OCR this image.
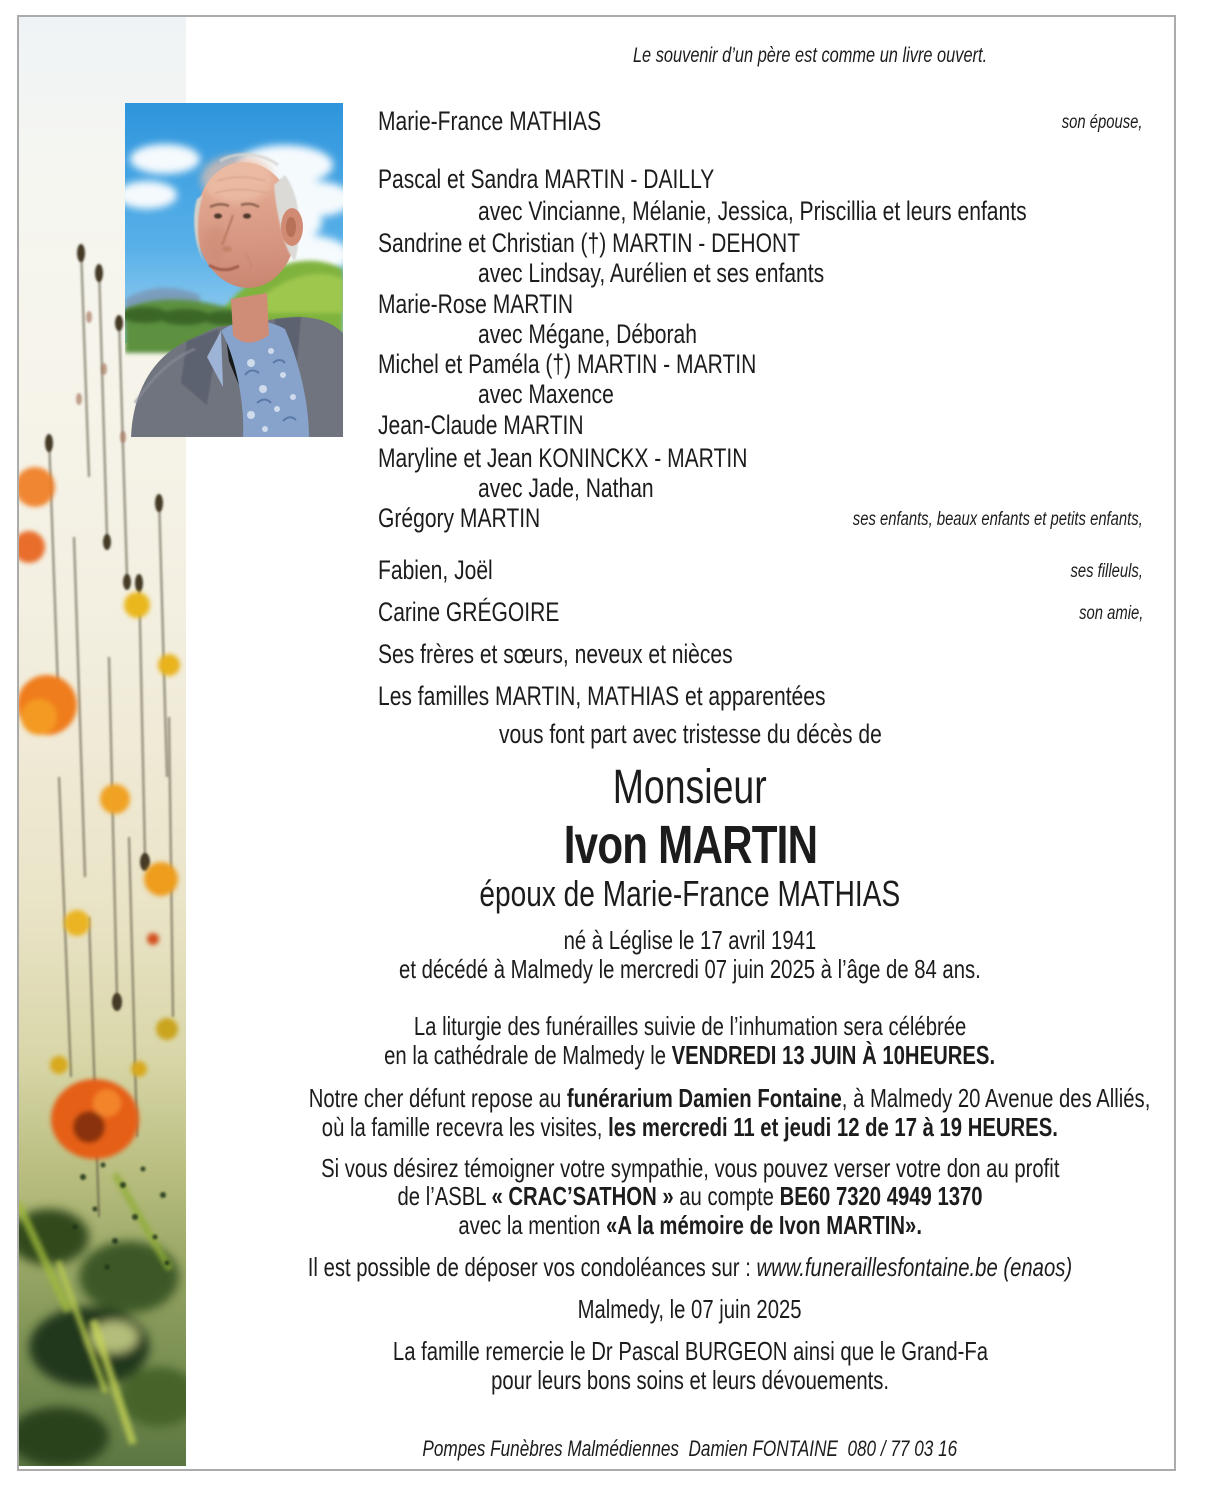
Le souvenir d’un père est comme un livre ouvert.
Marie-France MATHIAS	son épouse,
Pascal et Sandra MARTIN - DAILLY
avec Vincianne, Mélanie, Jessica, Priscillia et leurs enfants
Sandrine et Christian (†) MARTIN - DEHONT
avec Lindsay, Aurélien et ses enfants
Marie-Rose MARTIN
avec Mégane, Déborah
Michel et Paméla (†) MARTIN - MARTIN
avec Maxence
Jean-Claude MARTIN
Maryline et Jean KONINCKX - MARTIN
avec Jade, Nathan
Grégory MARTIN	ses enfants, beaux enfants et petits enfants,
Fabien, Joël	ses filleuls,
Carine GRÉGOIRE	son amie,
Ses frères et sœurs, neveux et nièces
Les familles MARTIN, MATHIAS et apparentées
vous font part avec tristesse du décès de
Monsieur
Ivon MARTIN
époux de Marie-France MATHIAS
né à Léglise le 17 avril 1941
et décédé à Malmedy le mercredi 07 juin 2025 à l’âge de 84 ans.
La liturgie des funérailles suivie de l’inhumation sera célébrée
en la cathédrale de Malmedy le VENDREDI 13 JUIN À 10HEURES.
Notre cher défunt repose au funérarium Damien Fontaine, à Malmedy 20 Avenue des Alliés,
où la famille recevra les visites, les mercredi 11 et jeudi 12 de 17 à 19 HEURES.
Si vous désirez témoigner votre sympathie, vous pouvez verser votre don au profit
de l’ASBL « CRAC’SATHON » au compte BE60 7320 4949 1370
avec la mention «A la mémoire de Ivon MARTIN».
Il est possible de déposer vos condoléances sur : www.funeraillesfontaine.be (enaos)
Malmedy, le 07 juin 2025
La famille remercie le Dr Pascal BURGEON ainsi que le Grand-Fa
pour leurs bons soins et leurs dévouements.
Pompes Funèbres Malmédiennes  Damien FONTAINE  080 / 77 03 16
